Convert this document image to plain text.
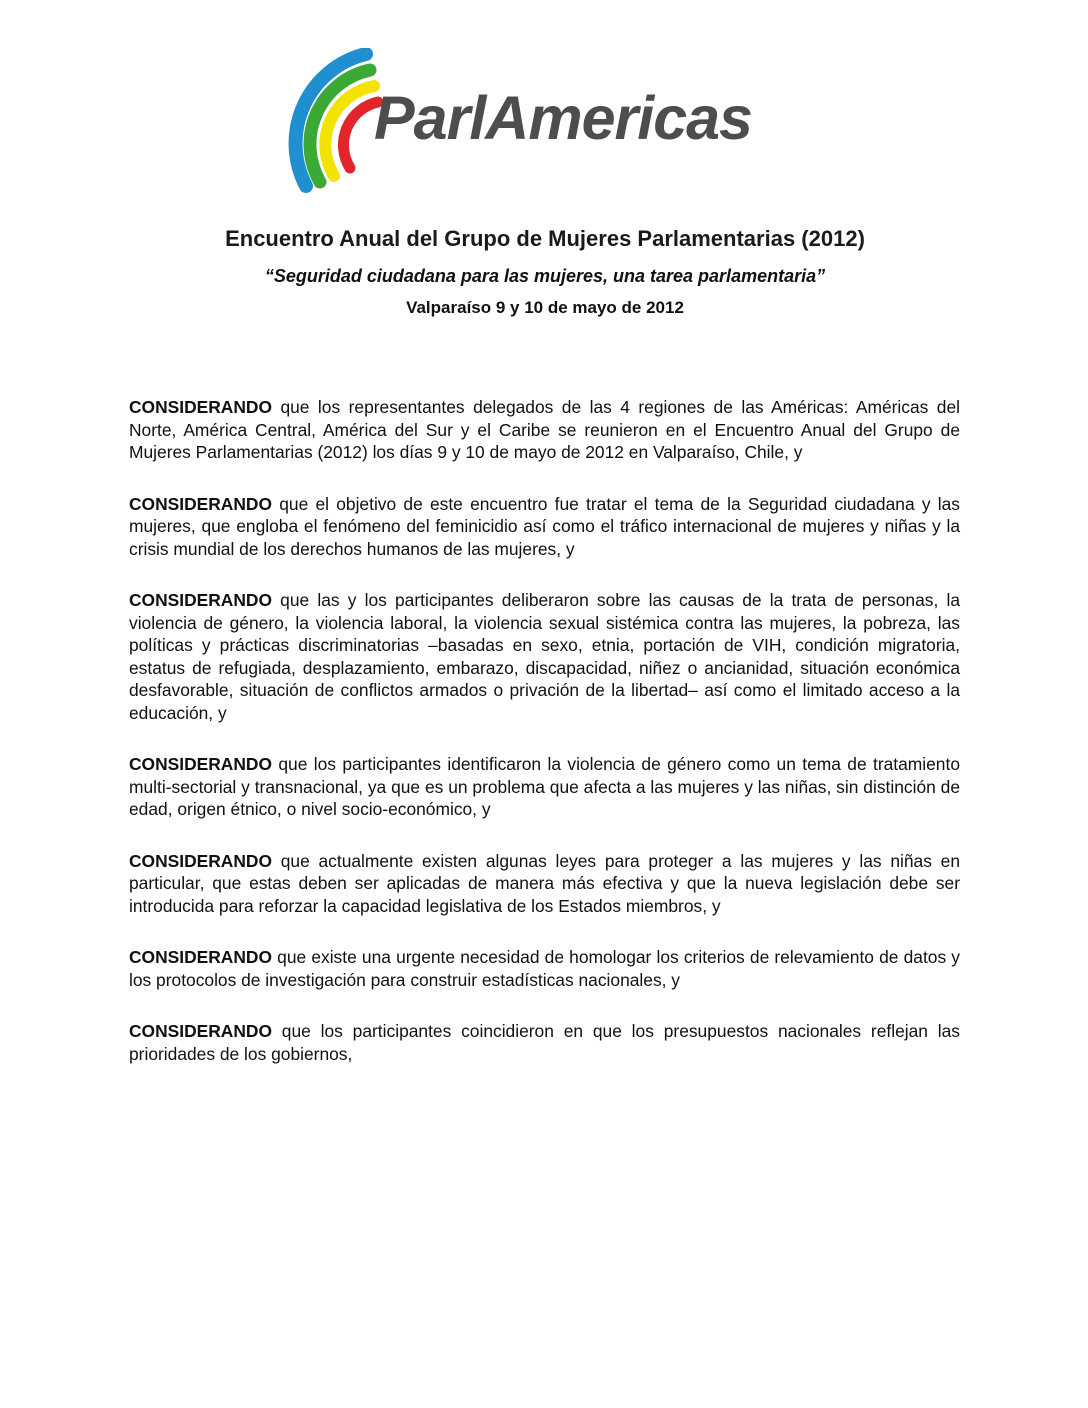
ParlAmericas
Encuentro Anual del Grupo de Mujeres Parlamentarias (2012)
“Seguridad ciudadana para las mujeres, una tarea parlamentaria”
Valparaíso 9 y 10 de mayo de 2012

CONSIDERANDO que los representantes delegados de las 4 regiones de las Américas: Américas del Norte, América Central, América del Sur y el Caribe se reunieron en el Encuentro Anual del Grupo de Mujeres Parlamentarias (2012) los días 9 y 10 de mayo de 2012 en Valparaíso, Chile, y

CONSIDERANDO que el objetivo de este encuentro fue tratar el tema de la Seguridad ciudadana y las mujeres, que engloba el fenómeno del feminicidio así como el tráfico internacional de mujeres y niñas y la crisis mundial de los derechos humanos de las mujeres, y

CONSIDERANDO que las y los participantes deliberaron sobre las causas de la trata de personas, la violencia de género, la violencia laboral, la violencia sexual sistémica contra las mujeres, la pobreza, las políticas y prácticas discriminatorias –basadas en sexo, etnia, portación de VIH, condición migratoria, estatus de refugiada, desplazamiento, embarazo, discapacidad, niñez o ancianidad, situación económica desfavorable, situación de conflictos armados o privación de la libertad– así como el limitado acceso a la educación, y

CONSIDERANDO que los participantes identificaron la violencia de género como un tema de tratamiento multi-sectorial y transnacional, ya que es un problema que afecta a las mujeres y las niñas, sin distinción de edad, origen étnico, o nivel socio-económico, y

CONSIDERANDO que actualmente existen algunas leyes para proteger a las mujeres y las niñas en particular, que estas deben ser aplicadas de manera más efectiva y que la nueva legislación debe ser introducida para reforzar la capacidad legislativa de los Estados miembros, y

CONSIDERANDO que existe una urgente necesidad de homologar los criterios de relevamiento de datos y los protocolos de investigación para construir estadísticas nacionales, y

CONSIDERANDO que los participantes coincidieron en que los presupuestos nacionales reflejan las prioridades de los gobiernos,
